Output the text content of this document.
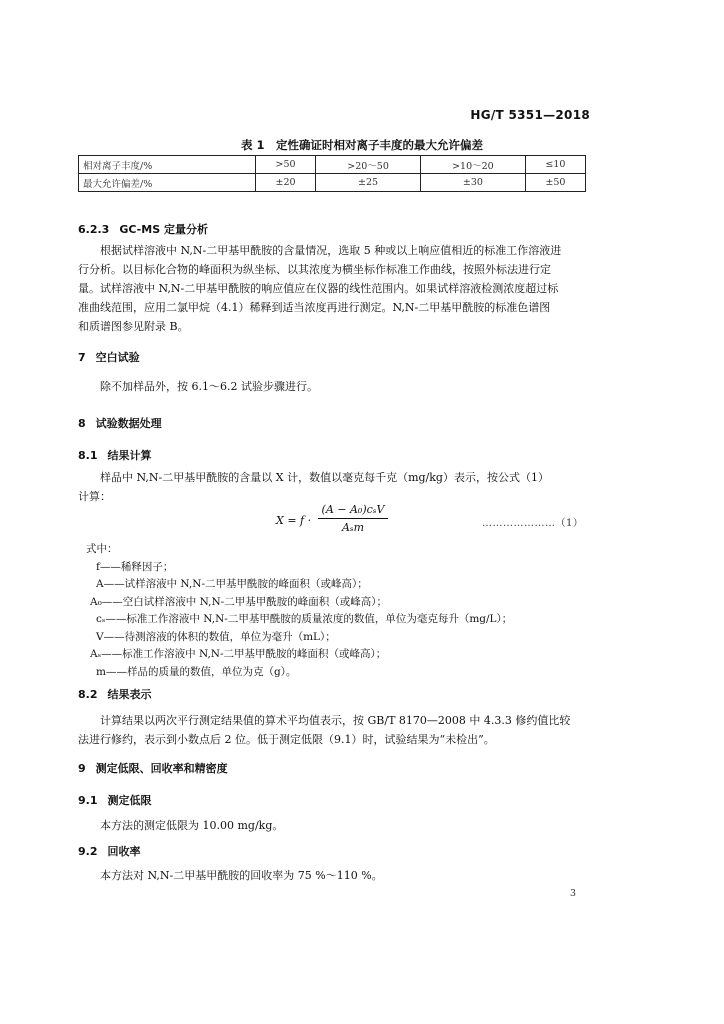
HG/T 5351—2018
表 1　定性确证时相对离子丰度的最大允许偏差
相对离子丰度/%	>50	>20～50	>10～20	≤10
最大允许偏差/%	±20	±25	±30	±50
6.2.3 GC-MS 定量分析
根据试样溶液中 N,N-二甲基甲酰胺的含量情况，选取 5 种或以上响应值相近的标准工作溶液进
行分析。以目标化合物的峰面积为纵坐标、以其浓度为横坐标作标准工作曲线，按照外标法进行定
量。试样溶液中 N,N-二甲基甲酰胺的响应值应在仪器的线性范围内。如果试样溶液检测浓度超过标
准曲线范围，应用二氯甲烷（4.1）稀释到适当浓度再进行测定。N,N-二甲基甲酰胺的标准色谱图
和质谱图参见附录 B。
7 空白试验
除不加样品外，按 6.1～6.2 试验步骤进行。
8 试验数据处理
8.1 结果计算
样品中 N,N-二甲基甲酰胺的含量以 X 计，数值以毫克每千克（mg/kg）表示，按公式（1）
计算：
X = f ·
(A − A₀)cₛV
Aₛm	…………………（1）
式中：
f——稀释因子；
A——试样溶液中 N,N-二甲基甲酰胺的峰面积（或峰高）；
A₀——空白试样溶液中 N,N-二甲基甲酰胺的峰面积（或峰高）；
cₛ——标准工作溶液中 N,N-二甲基甲酰胺的质量浓度的数值，单位为毫克每升（mg/L）；
V——待测溶液的体积的数值，单位为毫升（mL）；
Aₛ——标准工作溶液中 N,N-二甲基甲酰胺的峰面积（或峰高）；
m——样品的质量的数值，单位为克（g）。
8.2 结果表示
计算结果以两次平行测定结果值的算术平均值表示，按 GB/T 8170—2008 中 4.3.3 修约值比较
法进行修约，表示到小数点后 2 位。低于测定低限（9.1）时，试验结果为“未检出”。
9 测定低限、回收率和精密度
9.1 测定低限
本方法的测定低限为 10.00 mg/kg。
9.2 回收率
本方法对 N,N-二甲基甲酰胺的回收率为 75 %～110 %。
3
